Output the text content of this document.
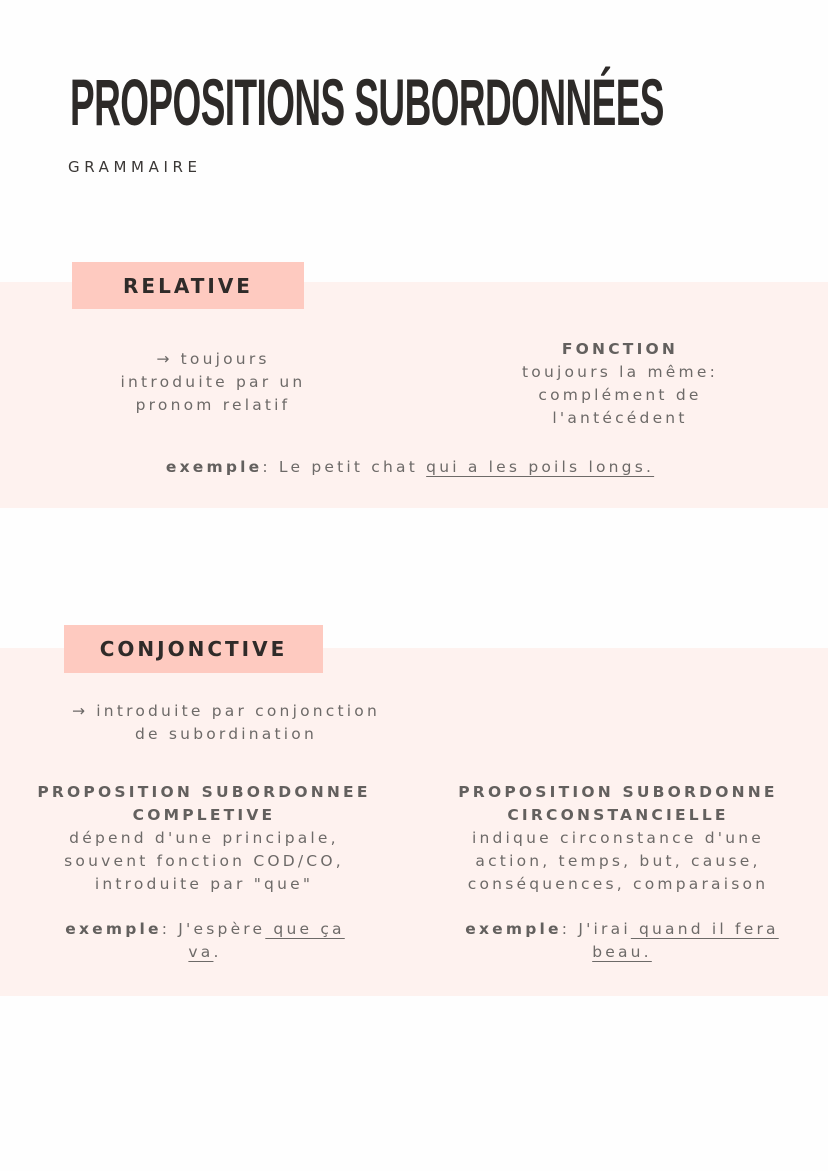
PROPOSITIONS SUBORDONNÉES
GRAMMAIRE
RELATIVE
→ toujours
introduite par un
pronom relatif
FONCTION
toujours la même:
complément de
l'antécédent
exemple: Le petit chat qui a les poils longs.
CONJONCTIVE
→ introduite par conjonction
de subordination
PROPOSITION SUBORDONNEE
COMPLETIVE
dépend d'une principale,
souvent fonction COD/CO,
introduite par "que"
PROPOSITION SUBORDONNE
CIRCONSTANCIELLE
indique circonstance d'une
action, temps, but, cause,
conséquences, comparaison
exemple: J'espère que ça
va.
exemple: J'irai quand il fera
beau.
